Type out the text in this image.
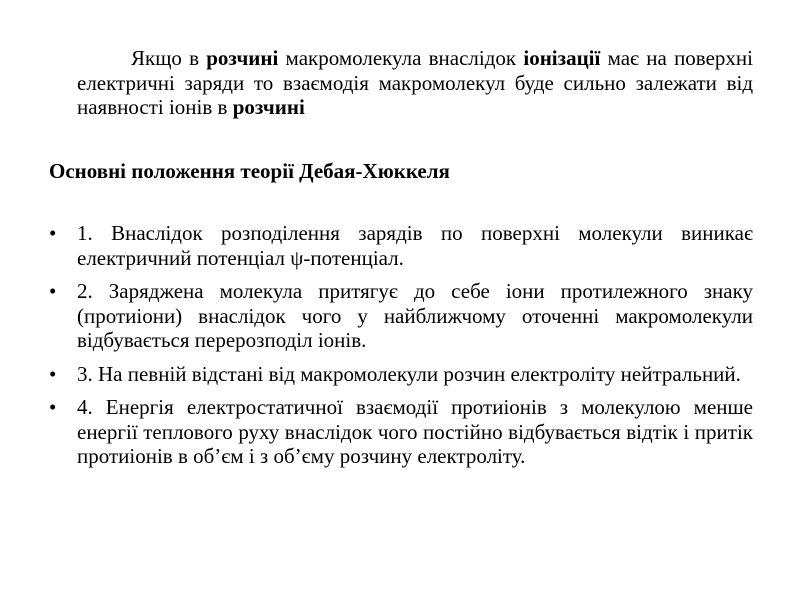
Якщо в розчині макромолекула внаслідок іонізації має на поверхні електричні заряди то взаємодія макромолекул буде сильно залежати від наявності іонів в розчині

Основні положення теорії Дебая-Хюккеля

• 1. Внаслідок розподілення зарядів по поверхні молекули виникає електричний потенціал ψ-потенціал.
• 2. Заряджена молекула притягує до себе іони протилежного знаку (протиіони) внаслідок чого у найближчому оточенні макромолекули відбувається перерозподіл іонів.
• 3. На певній відстані від макромолекули розчин електроліту нейтральний.
• 4. Енергія електростатичної взаємодії протиіонів з молекулою менше енергії теплового руху внаслідок чого постійно відбувається відтік і притік протиіонів в об’єм і з об’єму розчину електроліту.
